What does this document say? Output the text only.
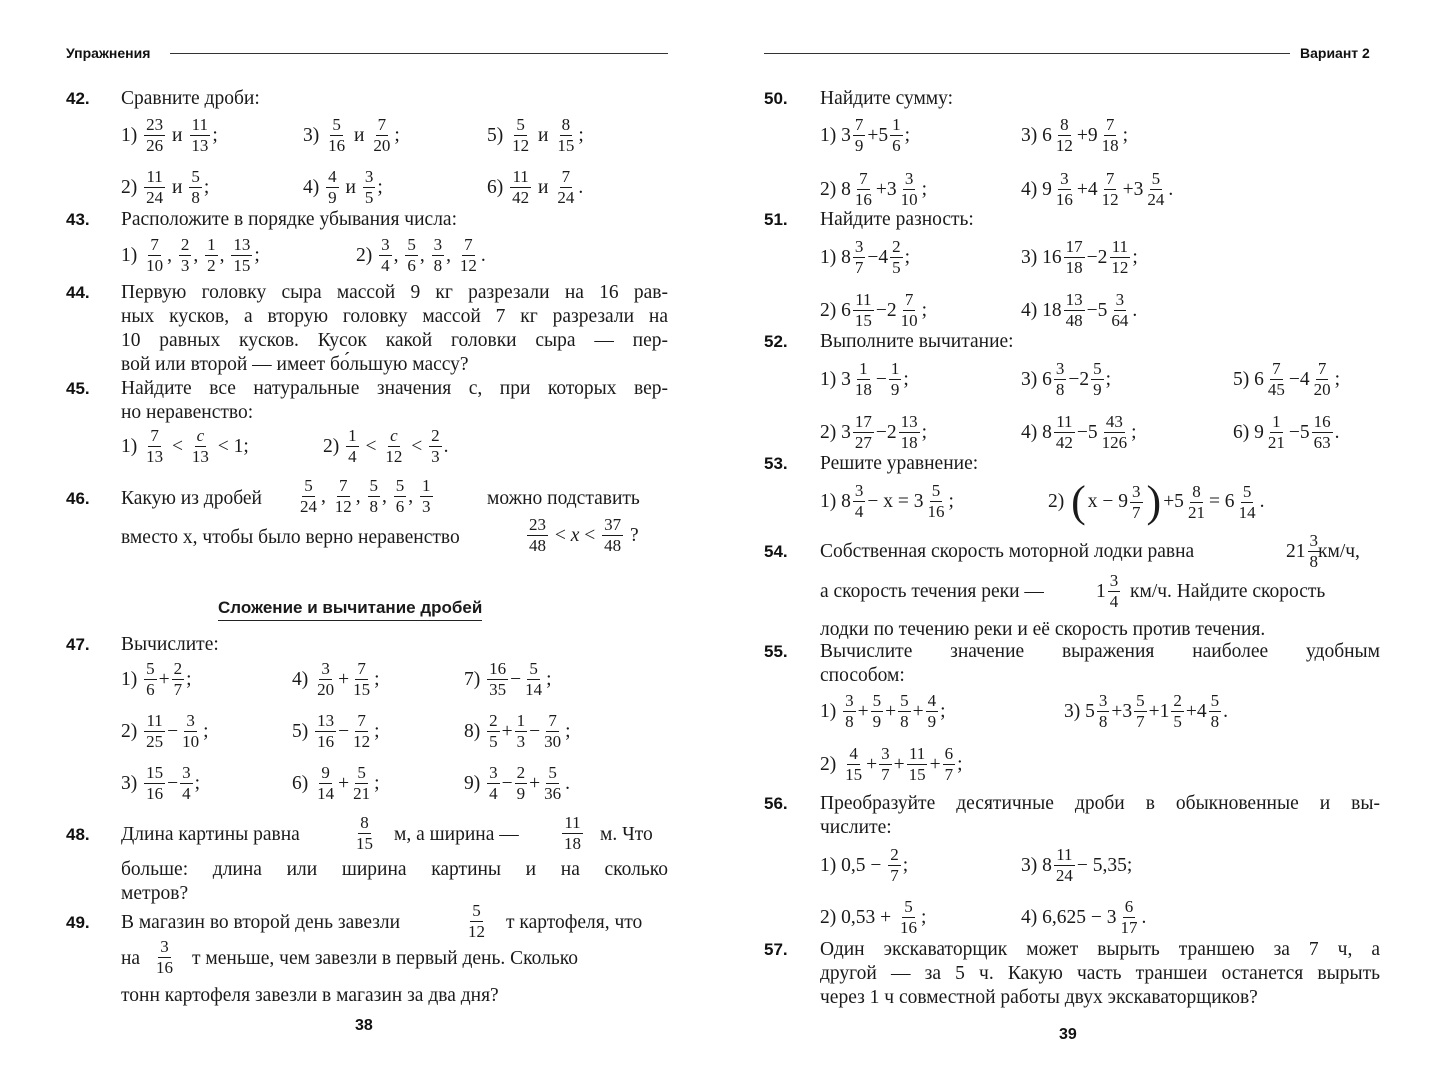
Упражнения
42. Сравните дроби:
$1) \frac{23}{26}$ и $\frac{11}{13}$ ;	$3) \frac{5}{16}$ и $\frac{7}{20}$ ;	$5) \frac{5}{12}$ и $\frac{8}{15}$ ;
$2) \frac{11}{24}$ и $\frac{5}{8}$ ;	$4) \frac{4}{9}$ и $\frac{3}{5}$ ;	$6) \frac{11}{42}$ и $\frac{7}{24}$ .
43. Расположите в порядке убывания числа:
$1) \frac{7}{10}$ , $\frac{2}{3}$ , $\frac{1}{2}$ , $\frac{13}{15}$ ;	$2) \frac{3}{4}$ , $\frac{5}{6}$ , $\frac{3}{8}$ , $\frac{7}{12}$ .
44. Первую головку сыра массой 9 кг разрезали на 16 рав-
ных кусков, а вторую головку массой 7 кг разрезали на
10 равных кусков. Кусок какой головки сыра — пер-
вой или второй — имеет бо́льшую массу?
45. Найдите все натуральные значения c, при которых вер-
но неравенство:
$1) \frac{7}{13} < \frac{c}{13} < 1$;	$2) \frac{1}{4} < \frac{c}{12} < \frac{2}{3}$ .
46. Какую из дробей $\frac{5}{24}$ , $\frac{7}{12}$ , $\frac{5}{8}$ , $\frac{5}{6}$ , $\frac{1}{3}$	можно подставить
вместо x, чтобы было верно неравенство	$\frac{23}{48} < x < \frac{37}{48}$ ?
Сложение и вычитание дробей
47. Вычислите:
$1) \frac{5}{6} + \frac{2}{7}$ ;	$4) \frac{3}{20} + \frac{7}{15}$ ;	$7) \frac{16}{35} - \frac{5}{14}$ ;
$2) \frac{11}{25} - \frac{3}{10}$ ;	$5) \frac{13}{16} - \frac{7}{12}$ ;	$8) \frac{2}{5} + \frac{1}{3} - \frac{7}{30}$ ;
$3) \frac{15}{16} - \frac{3}{4}$ ;	$6) \frac{9}{14} + \frac{5}{21}$ ;	$9) \frac{3}{4} - \frac{2}{9} + \frac{5}{36}$ .
48. Длина картины равна	$\frac{8}{15} м$, а ширина —	$\frac{11}{18} м$. Что
больше: длина или ширина картины и на сколько
метров?
49. В магазин во второй день завезли	$\frac{5}{12}$ т картофеля, что
на $\frac{3}{16}$ т меньше, чем завезли в первый день. Сколько
тонн картофеля завезли в магазин за два дня?
38
Вариант 2
50. Найдите сумму:
1) $3 \frac{7}{9} +5 \frac{1}{6}$ ;	3) $6 \frac{8}{12} +9 \frac{7}{18}$ ;
2) $8 \frac{7}{16} +3 \frac{3}{10}$ ;	4) $9 \frac{3}{16} +4 \frac{7}{12} +3 \frac{5}{24}$ .
51. Найдите разность:
1) $8 \frac{3}{7} -4 \frac{2}{5}$ ;	3) $16 \frac{17}{18} -2 \frac{11}{12}$ ;
2) $6 \frac{11}{15} -2 \frac{7}{10}$ ;	4) $18 \frac{13}{48} -5 \frac{3}{64}$ .
52. Выполните вычитание:
1) $3 \frac{1}{18} - \frac{1}{9}$ ;	3) $6 \frac{3}{8} -2 \frac{5}{9}$ ;	5) $6 \frac{7}{45} -4 \frac{7}{20}$ ;
2) $3 \frac{17}{27} -2 \frac{13}{18}$ ;	4) $8 \frac{11}{42} -5 \frac{43}{126}$ ;	6) $9 \frac{1}{21} -5 \frac{16}{63}$ .
53. Решите уравнение:
1) $8 \frac{3}{4} - x = 3 \frac{5}{16}$ ;	2) ( $x - 9 \frac{3}{7}$ ) $+5 \frac{8}{21} = 6 \frac{5}{14}$ .
54. Собственная скорость моторной лодки равна	$21 \frac{3}{8}$
км/ч,
а скорость течения реки —	$1 \frac{3}{4} км/ч$. Найдите скорость
лодки по течению реки и её скорость против течения.
55. Вычислите значение выражения наиболее удобным
способом:
$1) \frac{3}{8} + \frac{5}{9} + \frac{5}{8} + \frac{4}{9}$ ;	3) $5 \frac{3}{8} +3 \frac{5}{7} +1 \frac{2}{5} +4 \frac{5}{8}$ .
$2) \frac{4}{15} + \frac{3}{7} + \frac{11}{15} + \frac{6}{7}$ ;
56. Преобразуйте десятичные дроби в обыкновенные и вы-
числите:
1) $0,5 - \frac{2}{7}$ ;	3) $8 \frac{11}{24} - 5,35$;
2) $0,53 + \frac{5}{16}$ ;	4) $6,625 - 3 \frac{6}{17}$ .
57. Один экскаваторщик может вырыть траншею за 7 ч, а
другой — за 5 ч. Какую часть траншеи останется вырыть
через 1 ч совместной работы двух экскаваторщиков?
39
